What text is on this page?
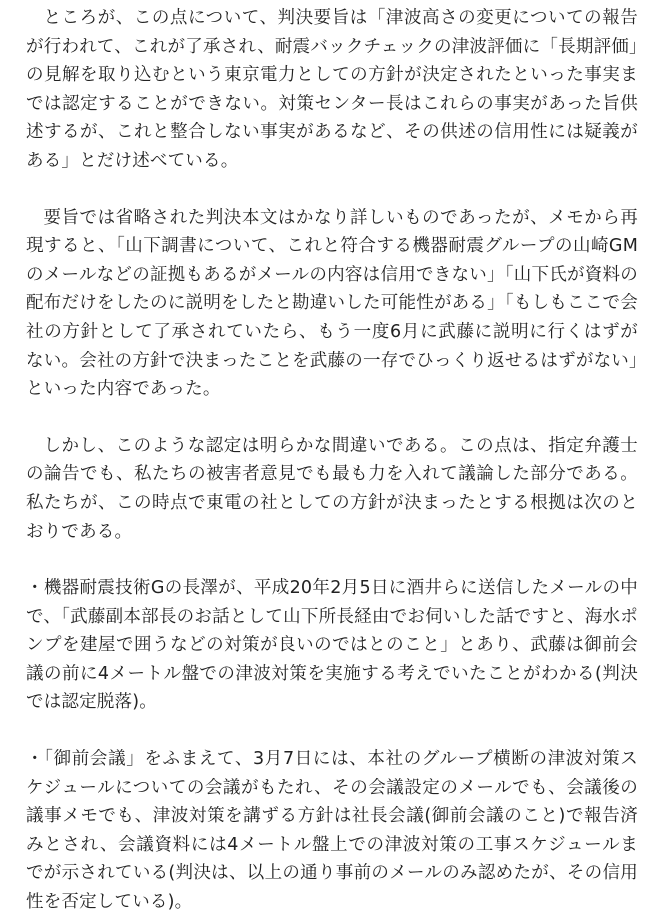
ところが、この点について、判決要旨は「津波高さの変更についての報告が行われて、これが了承され、耐震バックチェックの津波評価に「長期評価」の見解を取り込むという東京電力としての方針が決定されたといった事実までは認定することができない。対策センター長はこれらの事実があった旨供述するが、これと整合しない事実があるなど、その供述の信用性には疑義がある」とだけ述べている。

要旨では省略された判決本文はかなり詳しいものであったが、メモから再現すると、「山下調書について、これと符合する機器耐震グループの山崎GMのメールなどの証拠もあるがメールの内容は信用できない」「山下氏が資料の配布だけをしたのに説明をしたと勘違いした可能性がある」「もしもここで会社の方針として了承されていたら、もう一度6月に武藤に説明に行くはずがない。会社の方針で決まったことを武藤の一存でひっくり返せるはずがない」といった内容であった。

しかし、このような認定は明らかな間違いである。この点は、指定弁護士の論告でも、私たちの被害者意見でも最も力を入れて議論した部分である。私たちが、この時点で東電の社としての方針が決まったとする根拠は次のとおりである。

・機器耐震技術Gの長澤が、平成20年2月5日に酒井らに送信したメールの中で、「武藤副本部長のお話として山下所長経由でお伺いした話ですと、海水ポンプを建屋で囲うなどの対策が良いのではとのこと」とあり、武藤は御前会議の前に4メートル盤での津波対策を実施する考えでいたことがわかる(判決では認定脱落)。

・「御前会議」をふまえて、3月7日には、本社のグループ横断の津波対策スケジュールについての会議がもたれ、その会議設定のメールでも、会議後の議事メモでも、津波対策を講ずる方針は社長会議(御前会議のこと)で報告済みとされ、会議資料には4メートル盤上での津波対策の工事スケジュールまでが示されている(判決は、以上の通り事前のメールのみ認めたが、その信用性を否定している)。
